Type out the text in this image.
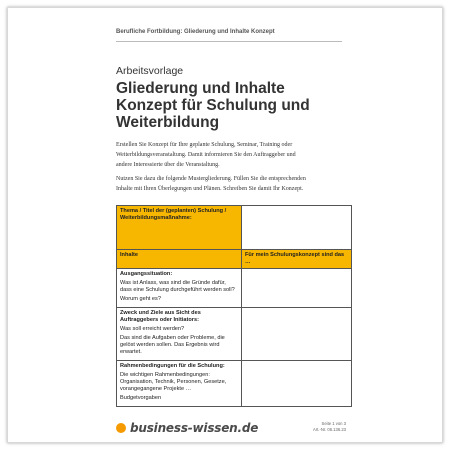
Berufliche Fortbildung: Gliederung und Inhalte Konzept
Arbeitsvorlage
Gliederung und Inhalte Konzept für Schulung und Weiterbildung

Erstellen Sie Konzept für Ihre geplante Schulung, Seminar, Training oder Weiterbildungsveranstaltung. Damit informieren Sie den Auftraggeber und andere Interessierte über die Veranstaltung.

Nutzen Sie dazu die folgende Mustergliederung. Füllen Sie die entsprechenden Inhalte mit Ihren Überlegungen und Plänen. Schreiben Sie damit Ihr Konzept.

Thema / Titel der (geplanten) Schulung / Weiterbildungsmaßnahme:	
Inhalte	Für mein Schulungskonzept sind das …

Ausgangssituation:
Was ist Anlass, was sind die Gründe dafür, dass eine Schulung durchgeführt werden soll?
Worum geht es?	

Zweck und Ziele aus Sicht des Auftraggebers oder Initiators:
Was soll erreicht werden?
Das sind die Aufgaben oder Probleme, die gelöst werden sollen. Das Ergebnis wird erwartet.	

Rahmenbedingungen für die Schulung:
Die wichtigen Rahmenbedingungen: Organisation, Technik, Personen, Gesetze, vorangegangene Projekte …
Budgetvorgaben	

business-wissen.de	Seite 1 von 3
Art.-Nr. 06.136.23
